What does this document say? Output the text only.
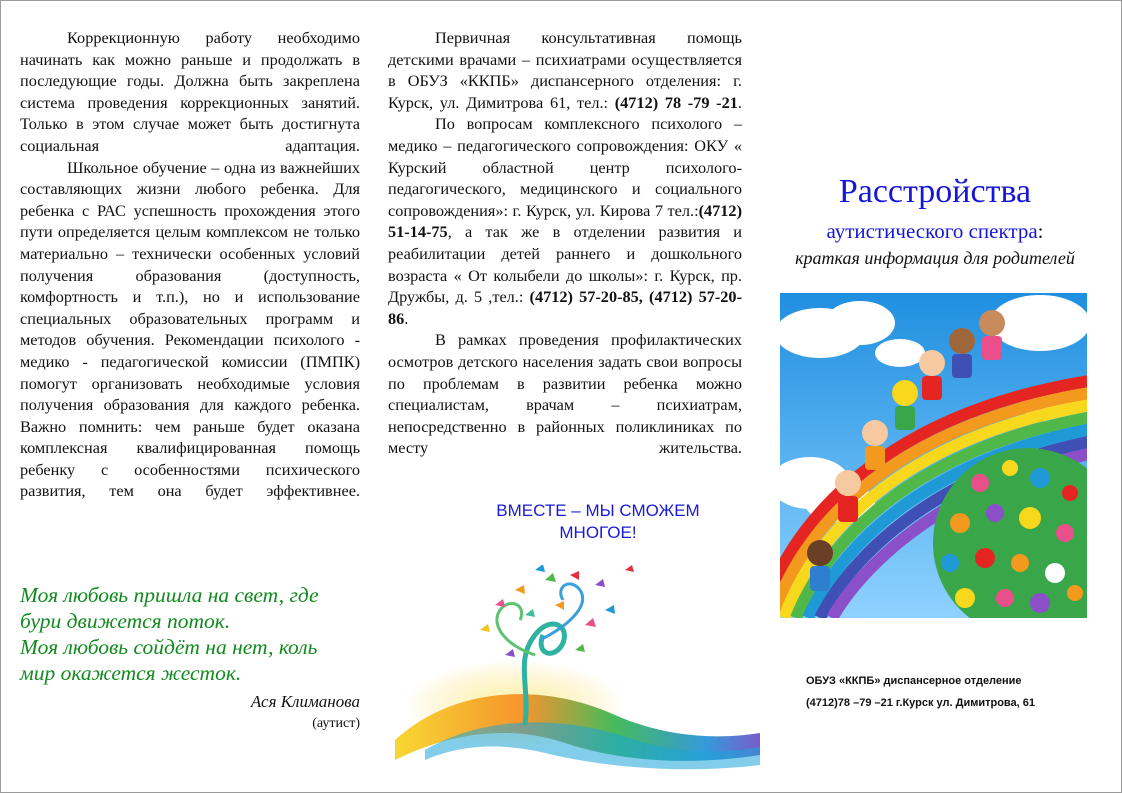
Коррекционную работу необходимо начинать как можно раньше и продолжать в последующие годы. Должна быть закреплена система проведения коррекционных занятий. Только в этом случае может быть достигнута социальная	адаптация.

Школьное обучение – одна из важнейших составляющих жизни любого ребенка. Для ребенка с РАС успешность прохождения этого пути определяется целым комплексом не только материально – технически особенных условий получения образования (доступность, комфортность и т.п.), но и использование специальных образовательных программ и методов обучения. Рекомендации психолого - медико - педагогической комиссии (ПМПК) помогут организовать необходимые условия получения образования для каждого ребенка.

Важно помнить: чем раньше будет оказана комплексная квалифицированная помощь ребенку с особенностями психического развития, тем она будет эффективнее.

Первичная консультативная помощь детскими врачами – психиатрами осуществляется в ОБУЗ «ККПБ» диспансерного отделения: г. Курск, ул. Димитрова 61, тел.: (4712) 78 -79 -21.

По вопросам комплексного психолого – медико – педагогического сопровождения: ОКУ « Курский областной центр психолого- педагогического, медицинского и социального сопровождения»: г. Курск, ул. Кирова 7 тел.:(4712) 51-14-75, а так же в отделении развития и реабилитации детей раннего и дошкольного возраста « От колыбели до школы»: г. Курск, пр. Дружбы, д. 5 ,тел.: (4712) 57-20-85, (4712) 57-20-86.

В рамках проведения профилактических осмотров детского населения задать свои вопросы по проблемам в развитии ребенка можно специалистам, врачам – психиатрам, непосредственно в районных поликлиниках по месту жительства.

ВМЕСТЕ – МЫ СМОЖЕМ
МНОГОЕ!
Моя любовь пришла на свет, где
бури движется поток.
Моя любовь сойдёт на нет, коль
мир окажется жесток.
Ася Климанова
(аутист)
Расстройства
аутистического спектра:
краткая информация для родителей
ОБУЗ «ККПБ» диспансерное отделение
(4712)78 –79 –21 г.Курск ул. Димитрова, 61
